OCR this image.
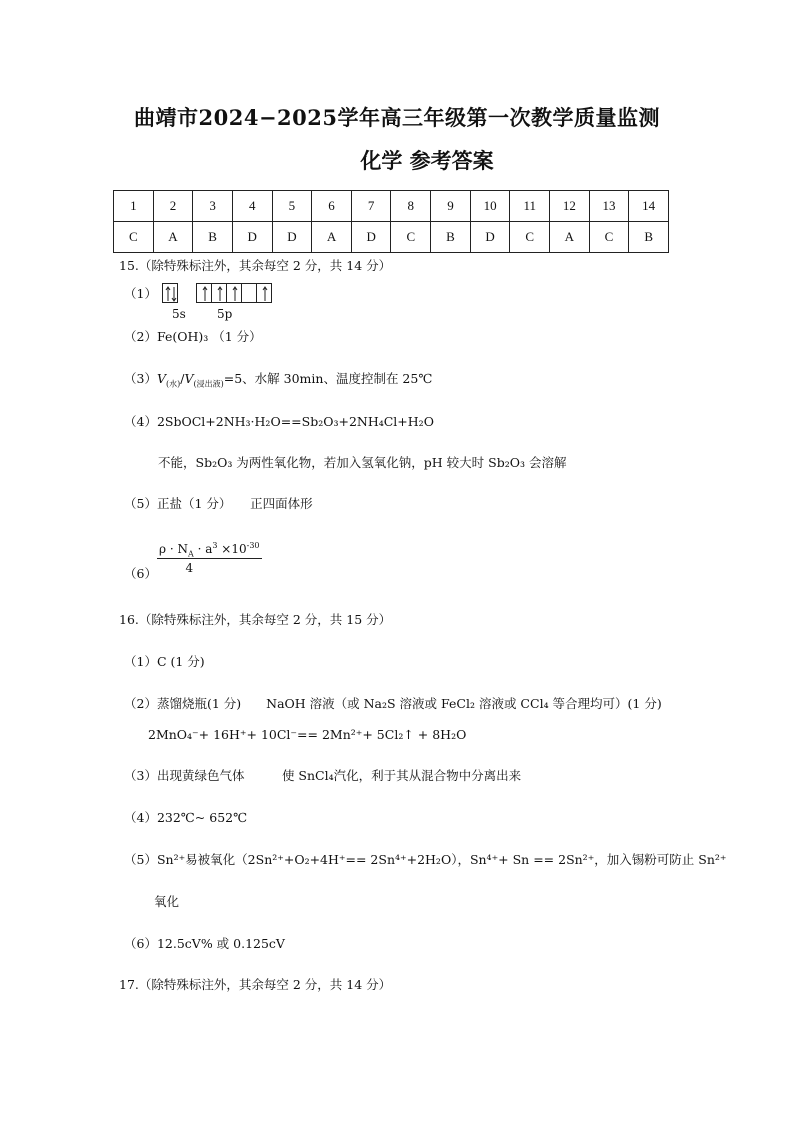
曲靖市2024−2025学年高三年级第一次教学质量监测
化学 参考答案
1	2	3	4	5	6	7	8	9	10	11	12	13	14
C	A	B	D	D	A	D	C	B	D	C	A	C	B
15.（除特殊标注外，其余每空 2 分，共 14 分）
（1）
5s	5p
（2）Fe(OH)₃ （1 分）
$(3)V_{(水)}/V_{(浸出液)}=5$、水解 30min、温度控制在 25℃
（4）2SbOCl+2NH₃·H₂O==Sb₂O₃+2NH₄Cl+H₂O
不能，Sb₂O₃ 为两性氧化物，若加入氢氧化钠，pH 较大时 Sb₂O₃ 会溶解
（5）正盐（1 分）　　正四面体形
$\frac{\rho \cdot N_A \cdot a^3 \times 10^{-30}}{4}$
（6）
16.（除特殊标注外，其余每空 2 分，共 15 分）
（1）C (1 分)
（2）蒸馏烧瓶(1 分)　　NaOH 溶液（或 Na₂S 溶液或 FeCl₂ 溶液或 CCl₄ 等合理均可）(1 分)
2MnO₄⁻+ 16H⁺+ 10Cl⁻== 2Mn²⁺+ 5Cl₂↑ + 8H₂O
（3）出现黄绿色气体　　　使 SnCl₄汽化，利于其从混合物中分离出来
（4）232℃~ 652℃
（5）Sn²⁺易被氧化（2Sn²⁺+O₂+4H⁺== 2Sn⁴⁺+2H₂O），Sn⁴⁺+ Sn == 2Sn²⁺，加入锡粉可防止 Sn²⁺
氧化
（6）12.5cV% 或 0.125cV
17.（除特殊标注外，其余每空 2 分，共 14 分）
